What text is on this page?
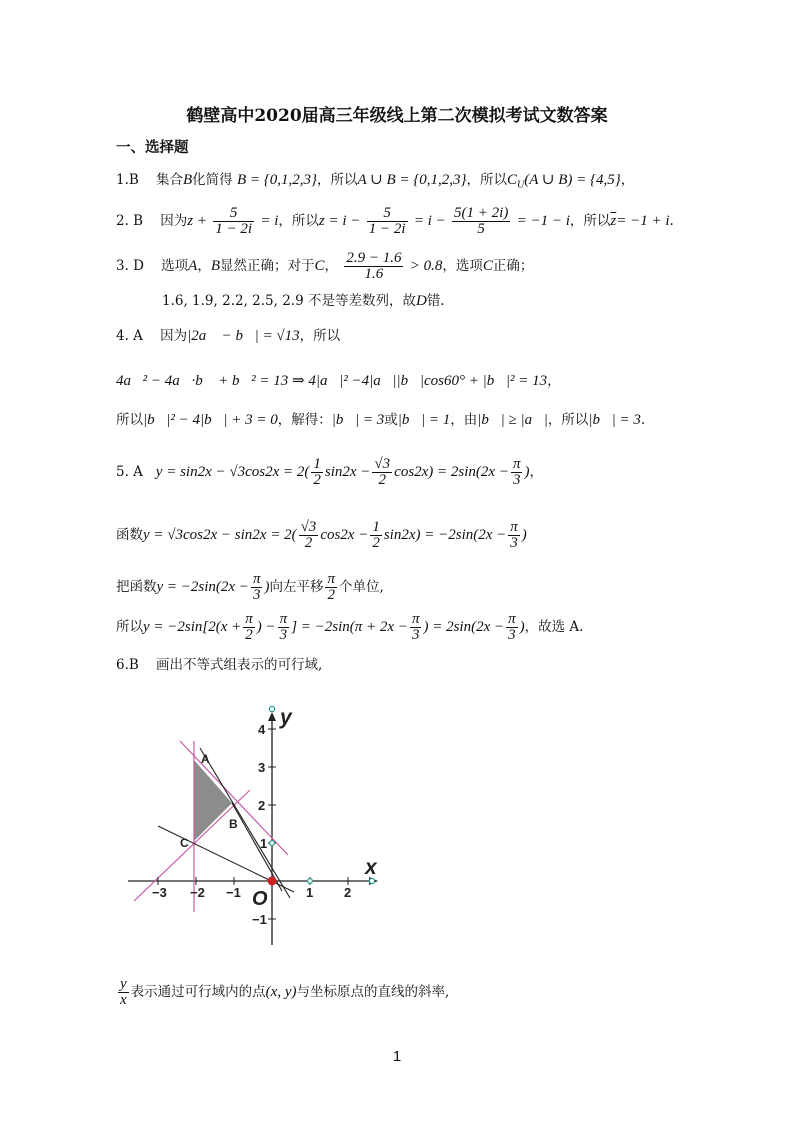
鹤壁高中2020届高三年级线上第二次模拟考试文数答案
一、选择题
1.B 集合B化简得 B = {0,1,2,3}，所以A ∪ B = {0,1,2,3}，所以$C_U(A$ ∪ B) = {4,5}，
2. B 因为$z + \frac{5}{1 - 2i} = i$，所以$z = i - \frac{5}{1 - 2i} = i - \frac{5(1 + 2i)}{5} = -1 - i$，所以$\overline{z}= -1 + i$.
3. D 选项A，B显然正确；对于C， $\frac{2.9 - 1.6}{1.6} > 0.8$，选项C正确；
1.6, 1.9, 2.2, 2.5, 2.9 不是等差数列，故D错.
4. A 因为|2a⃗ − b⃗| = √13，所以
4a⃗² − 4a⃗·b⃗ + b⃗² = 13 ⇒ 4|a⃗|² −4|a⃗||b⃗|cos60° + |b⃗|² = 13，
所以|b⃗|² − 4|b⃗| + 3 = 0，解得：|b⃗| = 3或|b⃗| = 1，由|b⃗| ≥ |a⃗|，所以|b⃗| = 3.
5. A $y = \sin 2x - √3\cos 2x = 2( \frac{1}{2} \sin 2x - \frac{√3}{2} \cos 2x) = 2\sin(2x - \frac{\pi}{3}$ )，
函数$y = √3\cos 2x - \sin 2x = 2( \frac{√3}{2} \cos 2x - \frac{1}{2} \sin 2x) = -2\sin(2x - \frac{\pi}{3}$ )
把函数$y = -2\sin(2x - \frac{\pi}{3}$ )向左平移 $\frac{\pi}{2}$ 个单位,
所以$y = -2\sin[2(x + \frac{\pi}{2}$ ) − $\frac{\pi}{3}$ ] = $-2\sin(\pi + 2x - \frac{\pi}{3}$ ) = $2\sin(2x - \frac{\pi}{3}$ )，故选 A.
6.B 画出不等式组表示的可行域,
−3 −2 −1	1 2
4
3
2
1
−1
x
y
O
A
B
C
$\frac{y}{x}$ 表示通过可行域内的点(x, y)与坐标原点的直线的斜率,
1
